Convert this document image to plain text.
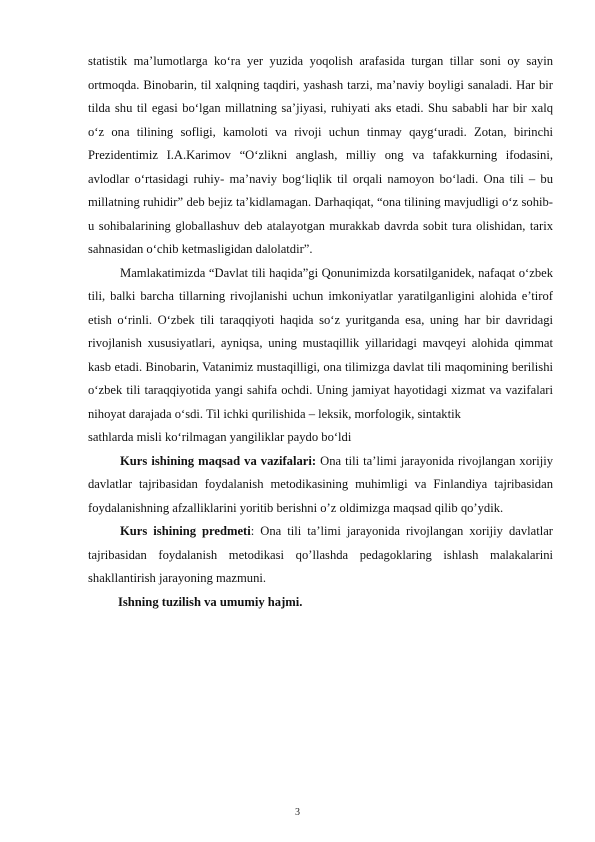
statistik ma’lumotlarga ko‘ra yer yuzida yoqolish arafasida turgan tillar soni oy sayin ortmoqda. Binobarin, til xalqning taqdiri, yashash tarzi, ma’naviy boyligi sanaladi. Har bir tilda shu til egasi bo‘lgan millatning sa’jiyasi, ruhiyati aks etadi. Shu sababli har bir xalq o‘z ona tilining sofligi, kamoloti va rivoji uchun tinmay qayg‘uradi. Zotan, birinchi Prezidentimiz I.A.Karimov “O‘zlikni anglash, milliy ong va tafakkurning ifodasini, avlodlar o‘rtasidagi ruhiy- ma’naviy bog‘liqlik til orqali namoyon bo‘ladi. Ona tili – bu millatning ruhidir” deb bejiz ta’kidlamagan. Darhaqiqat, “ona tilining mavjudligi o‘z sohib-u sohibalarining globallashuv deb atalayotgan murakkab davrda sobit tura olishidan, tarix sahnasidan o‘chib ketmasligidan dalolatdir”.

Mamlakatimizda “Davlat tili haqida”gi Qonunimizda korsatilganidek, nafaqat o‘zbek tili, balki barcha tillarning rivojlanishi uchun imkoniyatlar yaratilganligini alohida e’tirof etish o‘rinli. O‘zbek tili taraqqiyoti haqida so‘z yuritganda esa, uning har bir davridagi rivojlanish xususiyatlari, ayniqsa, uning mustaqillik yillaridagi mavqeyi alohida qimmat kasb etadi. Binobarin, Vatanimiz mustaqilligi, ona tilimizga davlat tili maqomining berilishi o‘zbek tili taraqqiyotida yangi sahifa ochdi. Uning jamiyat hayotidagi xizmat va vazifalari nihoyat darajada o‘sdi. Til ichki qurilishida – leksik, morfologik, sintaktik

sathlarda misli ko‘rilmagan yangiliklar paydo bo‘ldi

Kurs ishining maqsad va vazifalari: Ona tili ta’limi jarayonida rivojlangan xorijiy davlatlar tajribasidan foydalanish metodikasining muhimligi va Finlandiya tajribasidan foydalanishning afzalliklarini yoritib berishni o’z oldimizga maqsad qilib qo’ydik.

Kurs ishining predmeti: Ona tili ta’limi jarayonida rivojlangan xorijiy davlatlar tajribasidan foydalanish metodikasi qo’llashda pedagoklaring ishlash malakalarini shakllantirish jarayoning mazmuni.

Ishning tuzilish va umumiy hajmi.

3
